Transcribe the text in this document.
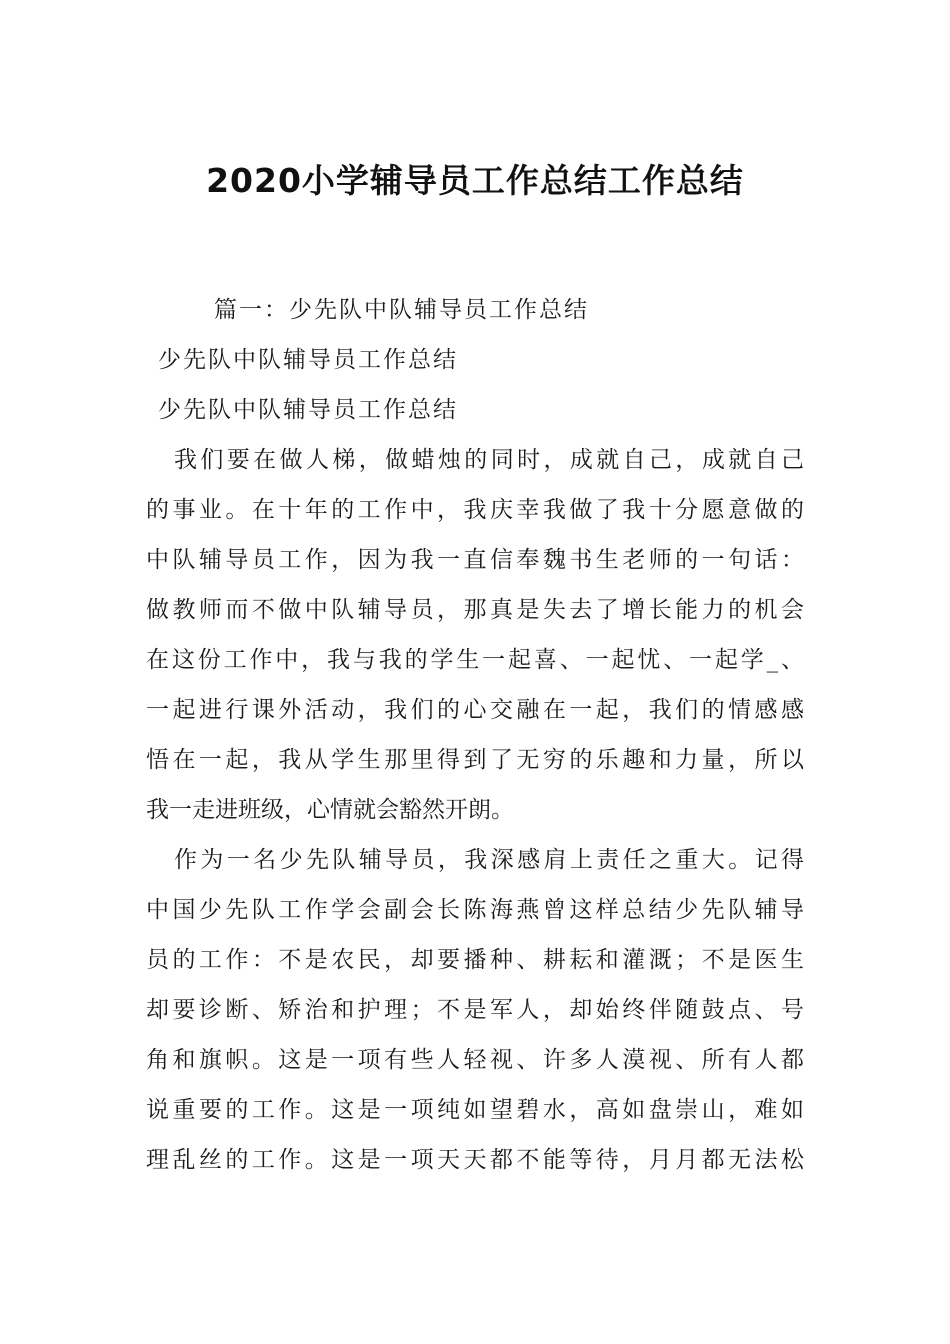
2020小学辅导员工作总结工作总结
篇一：少先队中队辅导员工作总结
少先队中队辅导员工作总结
少先队中队辅导员工作总结
我们要在做人梯，做蜡烛的同时，成就自己，成就自己
的事业。在十年的工作中，我庆幸我做了我十分愿意做的
中队辅导员工作，因为我一直信奉魏书生老师的一句话：
做教师而不做中队辅导员，那真是失去了增长能力的机会
在这份工作中，我与我的学生一起喜、一起忧、一起学_、
一起进行课外活动，我们的心交融在一起，我们的情感感
悟在一起，我从学生那里得到了无穷的乐趣和力量，所以
我一走进班级，心情就会豁然开朗。
作为一名少先队辅导员，我深感肩上责任之重大。记得
中国少先队工作学会副会长陈海燕曾这样总结少先队辅导
员的工作：不是农民，却要播种、耕耘和灌溉；不是医生
却要诊断、矫治和护理；不是军人，却始终伴随鼓点、号
角和旗帜。这是一项有些人轻视、许多人漠视、所有人都
说重要的工作。这是一项纯如望碧水，高如盘崇山，难如
理乱丝的工作。这是一项天天都不能等待，月月都无法松
